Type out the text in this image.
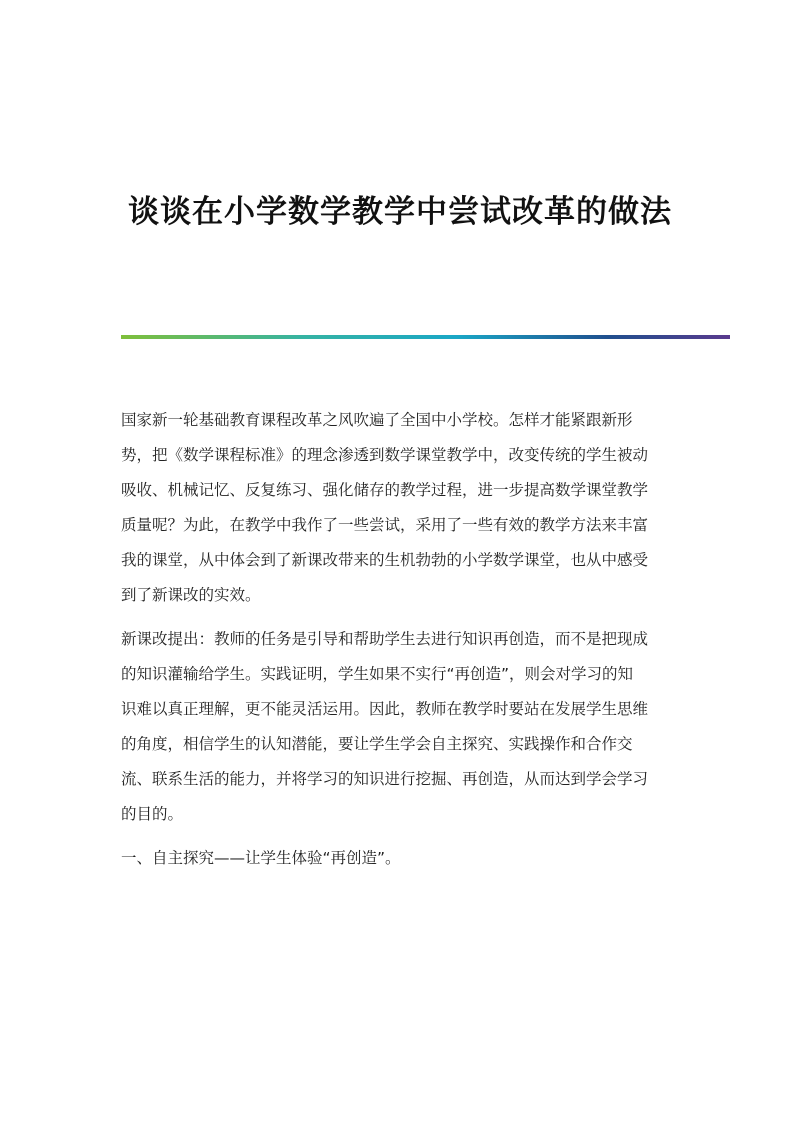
谈谈在小学数学教学中尝试改革的做法

国家新一轮基础教育课程改革之风吹遍了全国中小学校。怎样才能紧跟新形
势，把《数学课程标准》的理念渗透到数学课堂教学中，改变传统的学生被动
吸收、机械记忆、反复练习、强化储存的教学过程，进一步提高数学课堂教学
质量呢？为此，在教学中我作了一些尝试，采用了一些有效的教学方法来丰富
我的课堂，从中体会到了新课改带来的生机勃勃的小学数学课堂，也从中感受
到了新课改的实效。

新课改提出：教师的任务是引导和帮助学生去进行知识再创造，而不是把现成
的知识灌输给学生。实践证明，学生如果不实行“再创造”，则会对学习的知
识难以真正理解，更不能灵活运用。因此，教师在教学时要站在发展学生思维
的角度，相信学生的认知潜能，要让学生学会自主探究、实践操作和合作交
流、联系生活的能力，并将学习的知识进行挖掘、再创造，从而达到学会学习
的目的。

一、自主探究——让学生体验“再创造”。
